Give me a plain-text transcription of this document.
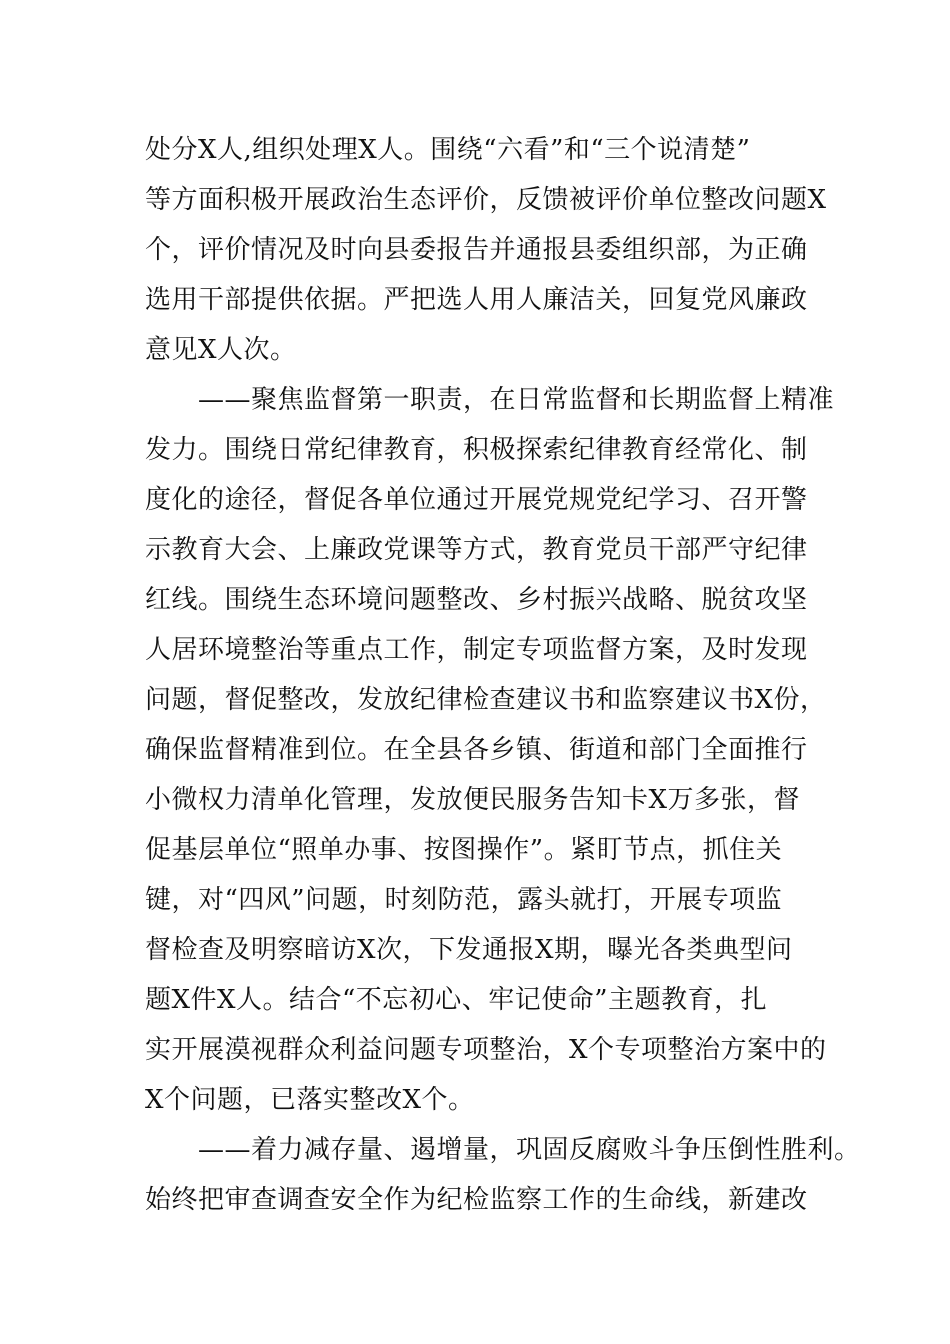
处分X人,组织处理X人。围绕“六看”和“三个说清楚”
等方面积极开展政治生态评价，反馈被评价单位整改问题X
个，评价情况及时向县委报告并通报县委组织部，为正确
选用干部提供依据。严把选人用人廉洁关，回复党风廉政
意见X人次。
　　——聚焦监督第一职责，在日常监督和长期监督上精准
发力。围绕日常纪律教育，积极探索纪律教育经常化、制
度化的途径，督促各单位通过开展党规党纪学习、召开警
示教育大会、上廉政党课等方式，教育党员干部严守纪律
红线。围绕生态环境问题整改、乡村振兴战略、脱贫攻坚
人居环境整治等重点工作，制定专项监督方案，及时发现
问题，督促整改，发放纪律检查建议书和监察建议书X份，
确保监督精准到位。在全县各乡镇、街道和部门全面推行
小微权力清单化管理，发放便民服务告知卡X万多张，督
促基层单位“照单办事、按图操作”。紧盯节点，抓住关
键，对“四风”问题，时刻防范，露头就打，开展专项监
督检查及明察暗访X次，下发通报X期，曝光各类典型问
题X件X人。结合“不忘初心、牢记使命”主题教育，扎
实开展漠视群众利益问题专项整治，X个专项整治方案中的
X个问题，已落实整改X个。
　　——着力减存量、遏增量，巩固反腐败斗争压倒性胜利。
始终把审查调查安全作为纪检监察工作的生命线，新建改
